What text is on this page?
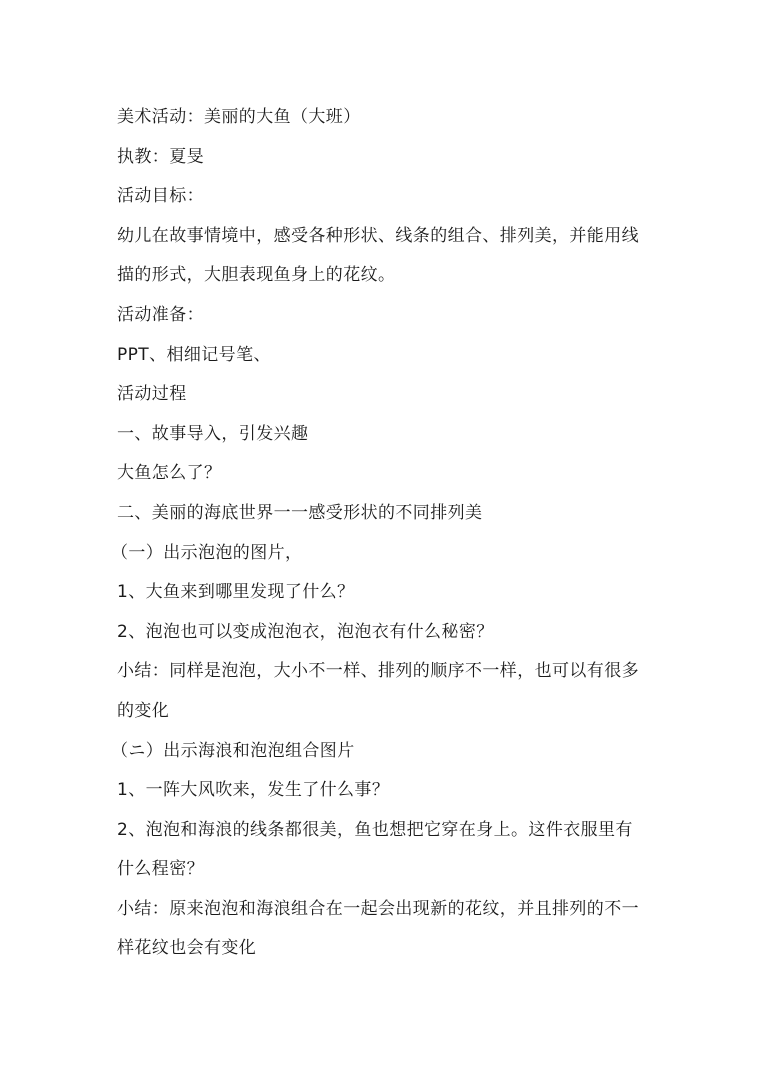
美术活动：美丽的大鱼（大班）
执教：夏旻
活动目标：
幼儿在故事情境中，感受各种形状、线条的组合、排列美，并能用线
描的形式，大胆表现鱼身上的花纹。
活动准备：
PPT、相细记号笔、
活动过程
一、故事导入，引发兴趣
大鱼怎么了？
二、美丽的海底世界一一感受形状的不同排列美
（一）出示泡泡的图片，
1、大鱼来到哪里发现了什么？
2、泡泡也可以变成泡泡衣，泡泡衣有什么秘密？
小结：同样是泡泡，大小不一样、排列的顺序不一样，也可以有很多
的变化
（ニ）出示海浪和泡泡组合图片
1、一阵大风吹来，发生了什么事？
2、泡泡和海浪的线条都很美，鱼也想把它穿在身上。这件衣服里有
什么程密？
小结：原来泡泡和海浪组合在一起会出现新的花纹，并且排列的不一
样花纹也会有变化
